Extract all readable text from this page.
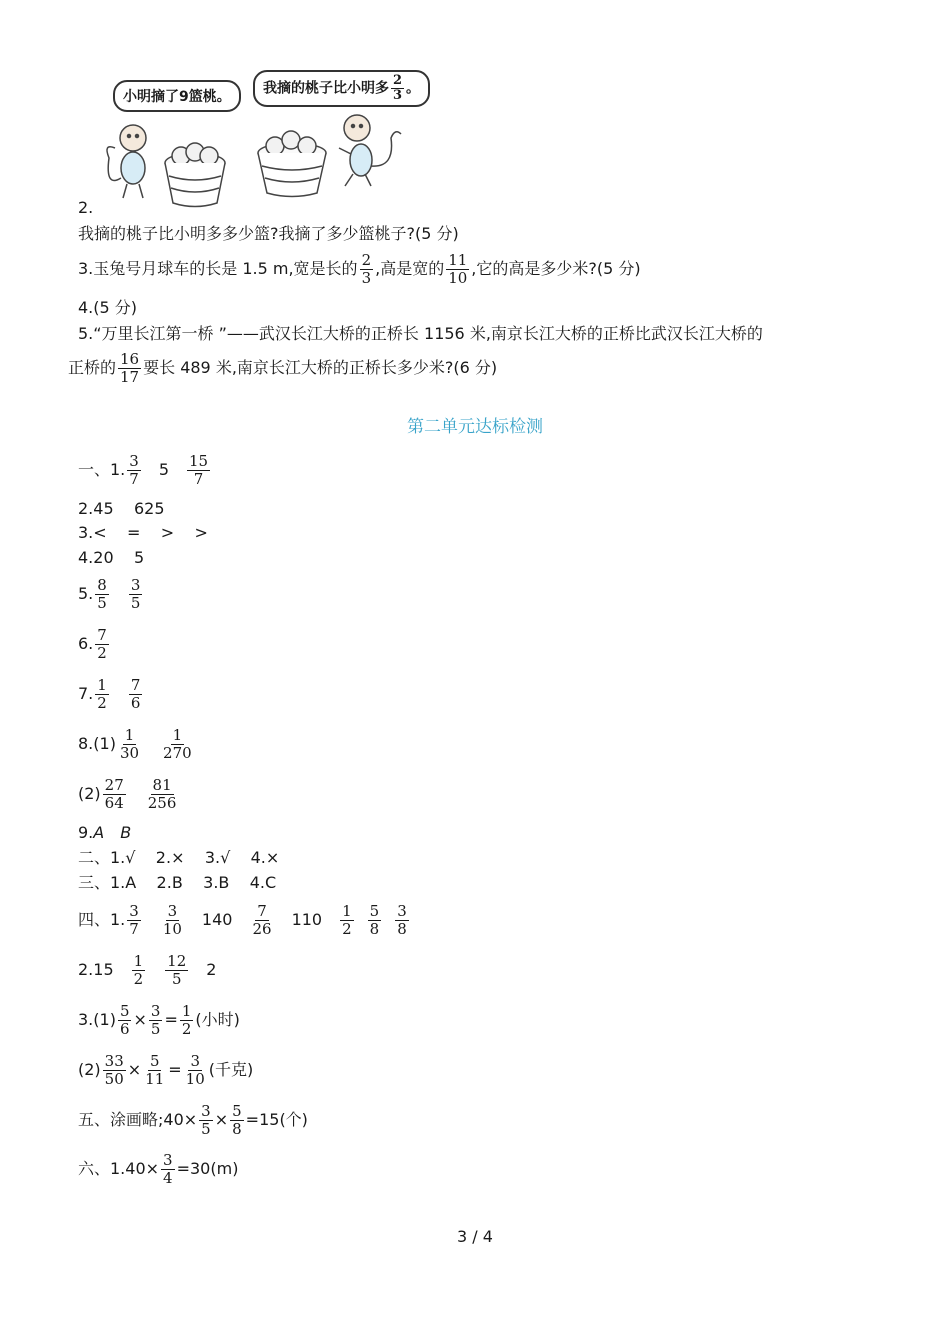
小明摘了9篮桃。
我摘的桃子比小明多 $\frac{2}{3}$ 。
2.
我摘的桃子比小明多多少篮?我摘了多少篮桃子?(5 分)
3.玉兔号月球车的长是 1.5 m,宽是长的 $\frac{2}{3}$ ,高是宽的 $\frac{11}{10}$ ,它的高是多少米?(5 分)
4.(5 分)
5.“万里长江第一桥 ”——武汉长江大桥的正桥长 1156 米,南京长江大桥的正桥比武汉长江大桥的
正桥的 $\frac{16}{17}$ 要长 489 米,南京长江大桥的正桥长多少米?(6 分)
第二单元达标检测
一、1. $\frac{3}{7} 5 \frac{15}{7}$
2.45    625
3.<    =    >    >
4.20    5
5. $\frac{8}{5} \frac{3}{5}$
6. $\frac{7}{2}$
7. $\frac{1}{2} \frac{7}{6}$
$8.(1) \frac{1}{30} \frac{1}{270}$
$(2) \frac{27}{64} \frac{81}{256}$
9.A B
二、1.√    2.×    3.√    4.×
三、1.A    2.B    3.B    4.C
四、1. $\frac{3}{7} \frac{3}{10} 140 \frac{7}{26} 110 \frac{1}{2} \frac{5}{8} \frac{3}{8}$
$2.15 \frac{1}{2} \frac{12}{5} 2$
$3.(1) \frac{5}{6} \times \frac{3}{5} = \frac{1}{2}$ (小时)
$(2) \frac{33}{50} \times \frac{5}{11} = \frac{3}{10}$ (千克)
五、涂画略;40× $\frac{3}{5} \times \frac{5}{8} =15$(个)
六、$1.40\times \frac{3}{4} =30(m)$
3 / 4
